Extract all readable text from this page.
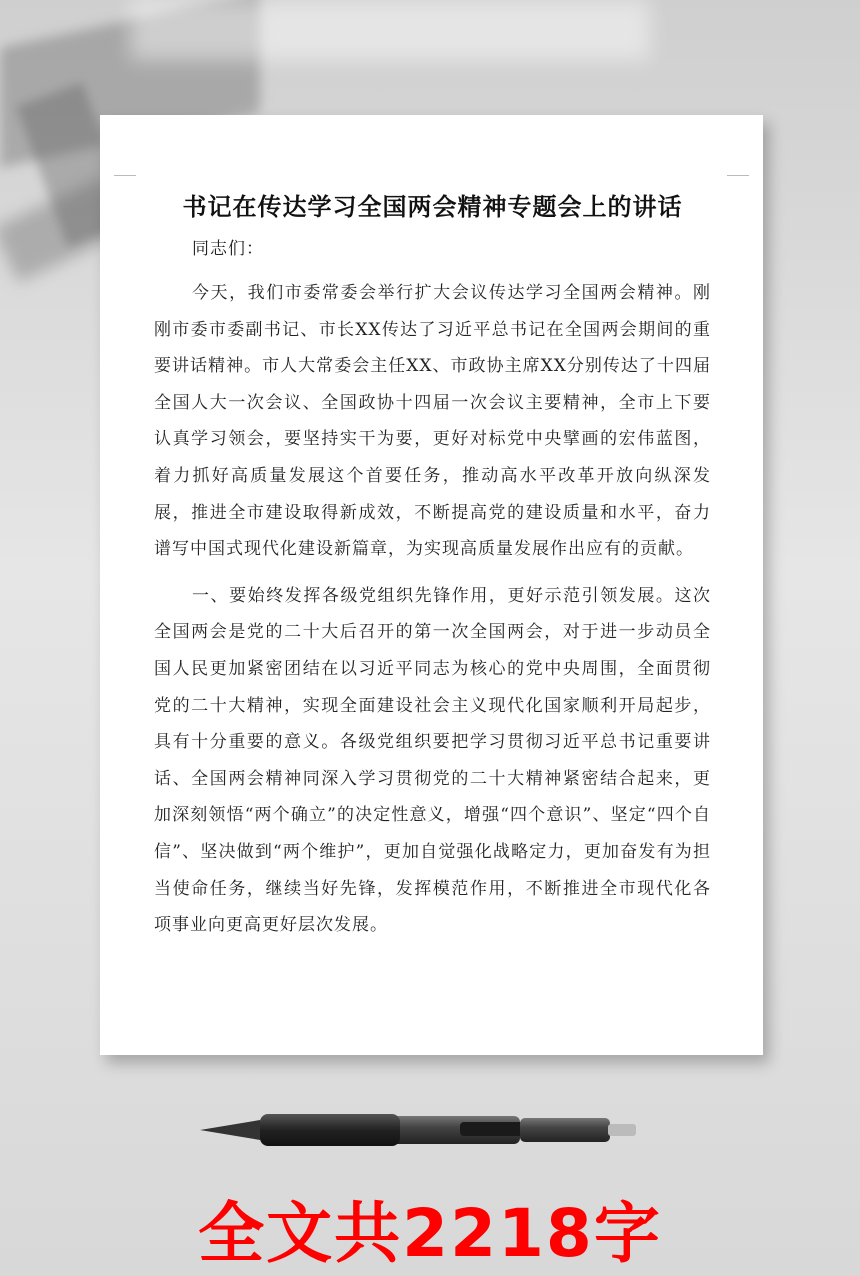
书记在传达学习全国两会精神专题会上的讲话

同志们：

今天，我们市委常委会举行扩大会议传达学习全国两会精神。刚刚市委市委副书记、市长XX传达了习近平总书记在全国两会期间的重要讲话精神。市人大常委会主任XX、市政协主席XX分别传达了十四届全国人大一次会议、全国政协十四届一次会议主要精神，全市上下要认真学习领会，要坚持实干为要，更好对标党中央擘画的宏伟蓝图，着力抓好高质量发展这个首要任务，推动高水平改革开放向纵深发展，推进全市建设取得新成效，不断提高党的建设质量和水平，奋力谱写中国式现代化建设新篇章，为实现高质量发展作出应有的贡献。

一、要始终发挥各级党组织先锋作用，更好示范引领发展。这次全国两会是党的二十大后召开的第一次全国两会，对于进一步动员全国人民更加紧密团结在以习近平同志为核心的党中央周围，全面贯彻党的二十大精神，实现全面建设社会主义现代化国家顺利开局起步，具有十分重要的意义。各级党组织要把学习贯彻习近平总书记重要讲话、全国两会精神同深入学习贯彻党的二十大精神紧密结合起来，更加深刻领悟“两个确立”的决定性意义，增强“四个意识”、坚定“四个自信”、坚决做到“两个维护”，更加自觉强化战略定力，更加奋发有为担当使命任务，继续当好先锋，发挥模范作用，不断推进全市现代化各项事业向更高更好层次发展。

全文共2218字
